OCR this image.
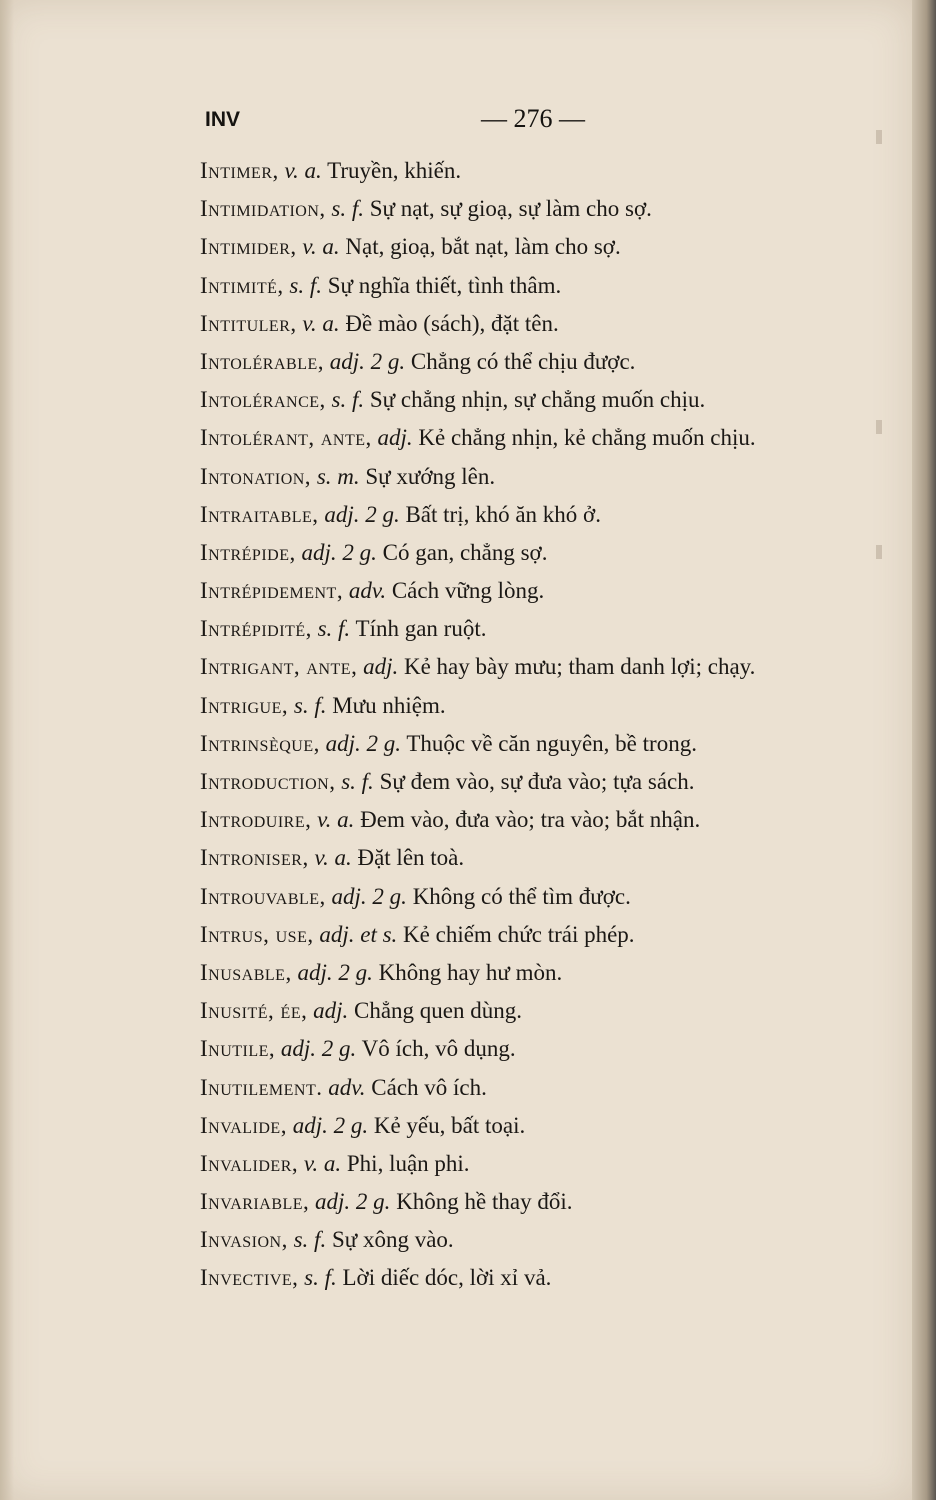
INV	— 276 —
Intimer, v. a. Truyền, khiến.
Intimidation, s. f. Sự nạt, sự gioạ, sự làm cho sợ.
Intimider, v. a. Nạt, gioạ, bắt nạt, làm cho sợ.
Intimité, s. f. Sự nghĩa thiết, tình thâm.
Intituler, v. a. Đề mào (sách), đặt tên.
Intolérable, adj. 2 g. Chẳng có thể chịu được.
Intolérance, s. f. Sự chẳng nhịn, sự chẳng muốn chịu.
Intolérant, ante, adj. Kẻ chẳng nhịn, kẻ chẳng muốn chịu.
Intonation, s. m. Sự xướng lên.
Intraitable, adj. 2 g. Bất trị, khó ăn khó ở.
Intrépide, adj. 2 g. Có gan, chẳng sợ.
Intrépidement, adv. Cách vững lòng.
Intrépidité, s. f. Tính gan ruột.
Intrigant, ante, adj. Kẻ hay bày mưu; tham danh lợi; chạy.
Intrigue, s. f. Mưu nhiệm.
Intrinsèque, adj. 2 g. Thuộc về căn nguyên, bề trong.
Introduction, s. f. Sự đem vào, sự đưa vào; tựa sách.
Introduire, v. a. Đem vào, đưa vào; tra vào; bắt nhận.
Introniser, v. a. Đặt lên toà.
Introuvable, adj. 2 g. Không có thể tìm được.
Intrus, use, adj. et s. Kẻ chiếm chức trái phép.
Inusable, adj. 2 g. Không hay hư mòn.
Inusité, ée, adj. Chẳng quen dùng.
Inutile, adj. 2 g. Vô ích, vô dụng.
Inutilement. adv. Cách vô ích.
Invalide, adj. 2 g. Kẻ yếu, bất toại.
Invalider, v. a. Phi, luận phi.
Invariable, adj. 2 g. Không hề thay đổi.
Invasion, s. f. Sự xông vào.
Invective, s. f. Lời diếc dóc, lời xỉ vả.
